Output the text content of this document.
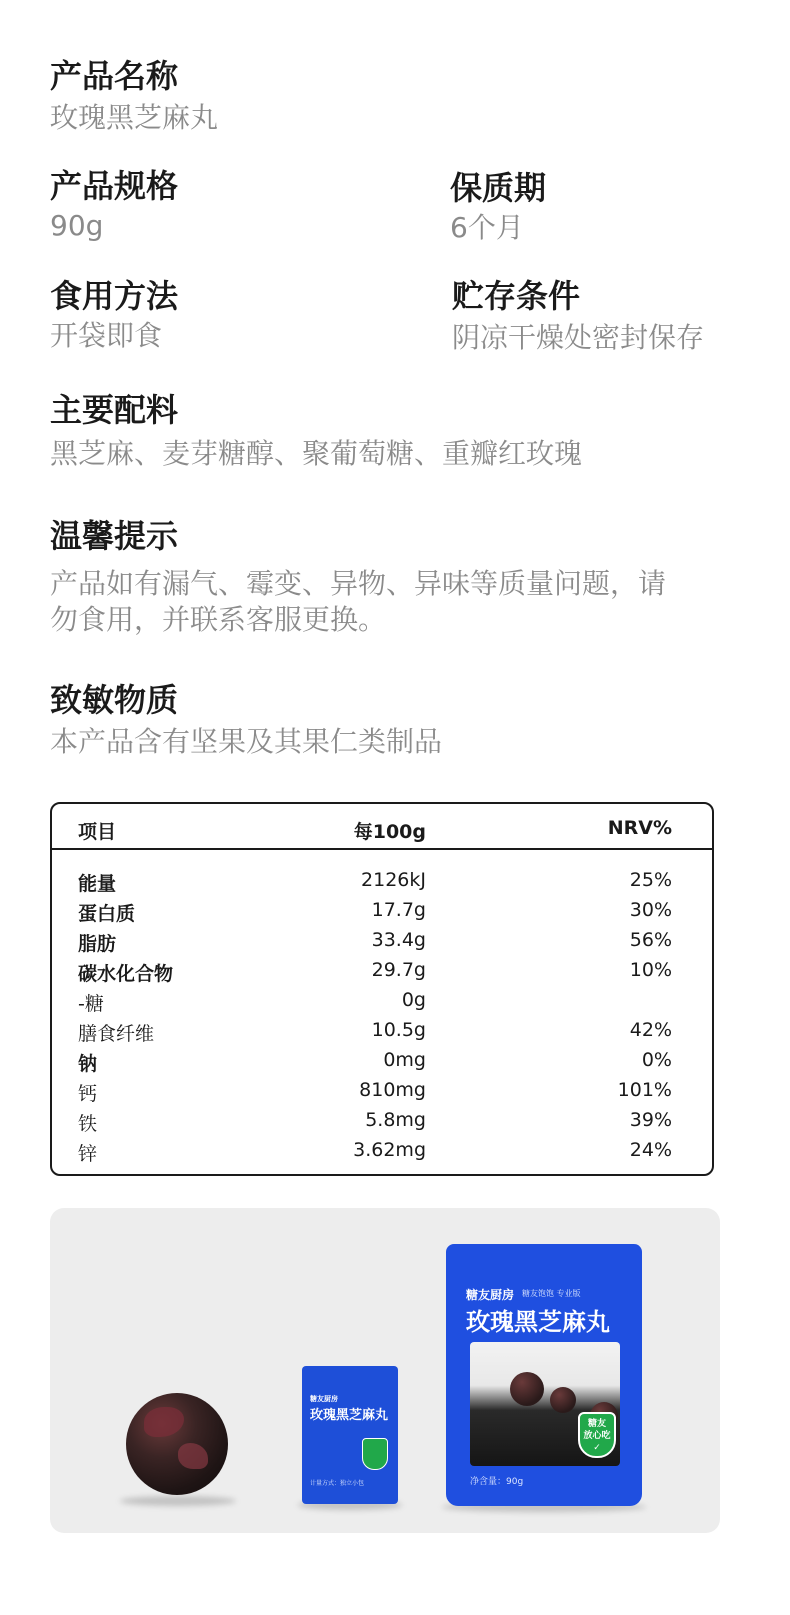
产品名称
玫瑰黑芝麻丸
产品规格
90g
保质期
6个月
食用方法
开袋即食
贮存条件
阴凉干燥处密封保存
主要配料
黑芝麻、麦芽糖醇、聚葡萄糖、重瓣红玫瑰
温馨提示
产品如有漏气、霉变、异物、异味等质量问题，请
勿食用，并联系客服更换。
致敏物质
本产品含有坚果及其果仁类制品
项目	每100g	NRV%
能量	2126kJ	25%
蛋白质	17.7g	30%
脂肪	33.4g	56%
碳水化合物	29.7g	10%
-糖	0g
膳食纤维	10.5g	42%
钠	0mg	0%
钙	810mg	101%
铁	5.8mg	39%
锌	3.62mg	24%
糖友厨房
玫瑰黑芝麻丸
计量方式：独立小包
糖友厨房 糖友饱饱 专业版
玫瑰黑芝麻丸
糖友
放心吃
✓
净含量：90g
